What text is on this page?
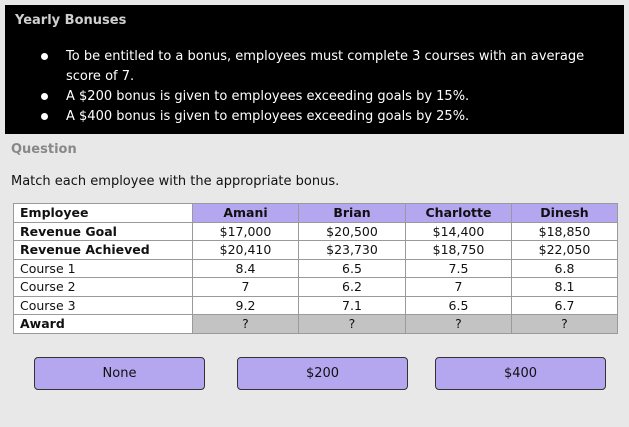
Yearly Bonuses
To be entitled to a bonus, employees must complete 3 courses with an average score of 7.
A $200 bonus is given to employees exceeding goals by 15%.
A $400 bonus is given to employees exceeding goals by 25%.
Question
Match each employee with the appropriate bonus.
Employee	Amani	Brian	Charlotte	Dinesh
Revenue Goal	$17,000	$20,500	$14,400	$18,850
Revenue Achieved	$20,410	$23,730	$18,750	$22,050
Course 1	8.4	6.5	7.5	6.8
Course 2	7	6.2	7	8.1
Course 3	9.2	7.1	6.5	6.7
Award	?	?	?	?
None	$200	$400
